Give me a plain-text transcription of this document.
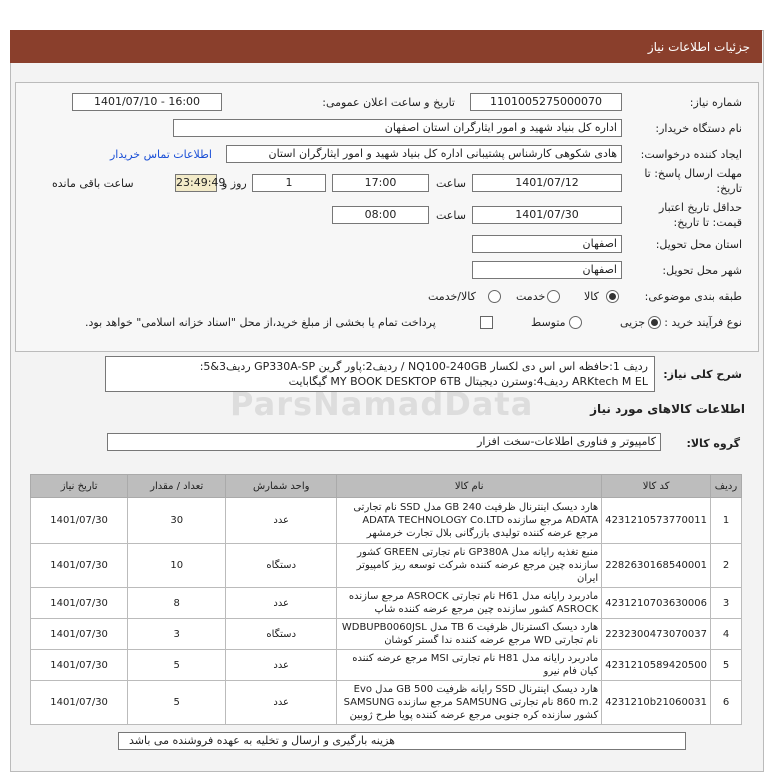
جزئیات اطلاعات نیاز
شماره نیاز:
1101005275000070
تاریخ و ساعت اعلان عمومی:
1401/07/10 - 16:00
نام دستگاه خریدار:
اداره کل بنیاد شهید و امور ایثارگران استان اصفهان
ایجاد کننده درخواست:
هادی شکوهی کارشناس پشتیبانی اداره کل بنیاد شهید و امور ایثارگران استان
اطلاعات تماس خریدار
مهلت ارسال پاسخ: تا
تاریخ:
1401/07/12
ساعت
17:00
1
روز و
23:49:49
ساعت باقی مانده
حداقل تاریخ اعتبار
قیمت: تا تاریخ:
1401/07/30
ساعت
08:00
استان محل تحویل:
اصفهان
شهر محل تحویل:
اصفهان
طبقه بندی موضوعی:
کالا
خدمت
کالا/خدمت
نوع فرآیند خرید :
جزیی
متوسط
پرداخت تمام یا بخشی از مبلغ خرید،از محل "اسناد خزانه اسلامی" خواهد بود.
شرح کلی نیاز:
ردیف 1:حافظه اس اس دی لکسار NQ100-240GB / ردیف2:پاور گرین GP330A-SP ردیف3&5:
ARKtech M EL ردیف4:وسترن دیجیتال MY BOOK DESKTOP 6TB گیگابایت
ParsNamadData	اطلاعات کالاهای مورد نیاز
گروه کالا:
کامپیوتر و فناوری اطلاعات-سخت افزار
ردیف	کد کالا	نام کالا	واحد شمارش	تعداد / مقدار	تاریخ نیاز
1	4231210573770011	هارد دیسک اینترنال ظرفیت GB 240 مدل SSD نام تجارتی ADATA مرجع سازنده ADATA TECHNOLOGY Co.LTD مرجع عرضه کننده تولیدی بازرگانی بلال تجارت خرمشهر	عدد	30	1401/07/30
2	2282630168540001	منبع تغذیه رایانه مدل GP380A نام تجارتی GREEN کشور سازنده چین مرجع عرضه کننده شرکت توسعه ریز کامپیوتر ایران	دستگاه	10	1401/07/30
3	4231210703630006	مادربرد رایانه مدل H61 نام تجارتی ASROCK مرجع سازنده ASROCK کشور سازنده چین مرجع عرضه کننده شاپ	عدد	8	1401/07/30
4	2232300473070037	هارد دیسک اکسترنال ظرفیت TB 6 مدل WDBUPB0060JSL نام تجارتی WD مرجع عرضه کننده ندا گستر کوشان	دستگاه	3	1401/07/30
5	4231210589420500	مادربرد رایانه مدل H81 نام تجارتی MSI مرجع عرضه کننده کیان فام نیرو	عدد	5	1401/07/30
6	4231210b21060031	هارد دیسک اینترنال SSD رایانه ظرفیت GB 500 مدل Evo 860 m.2 نام تجارتی SAMSUNG مرجع سازنده SAMSUNG کشور سازنده کره جنوبی مرجع عرضه کننده پویا طرح ژوبین	عدد	5	1401/07/30
هزینه بارگیری و ارسال و تخلیه به عهده فروشنده می باشد
